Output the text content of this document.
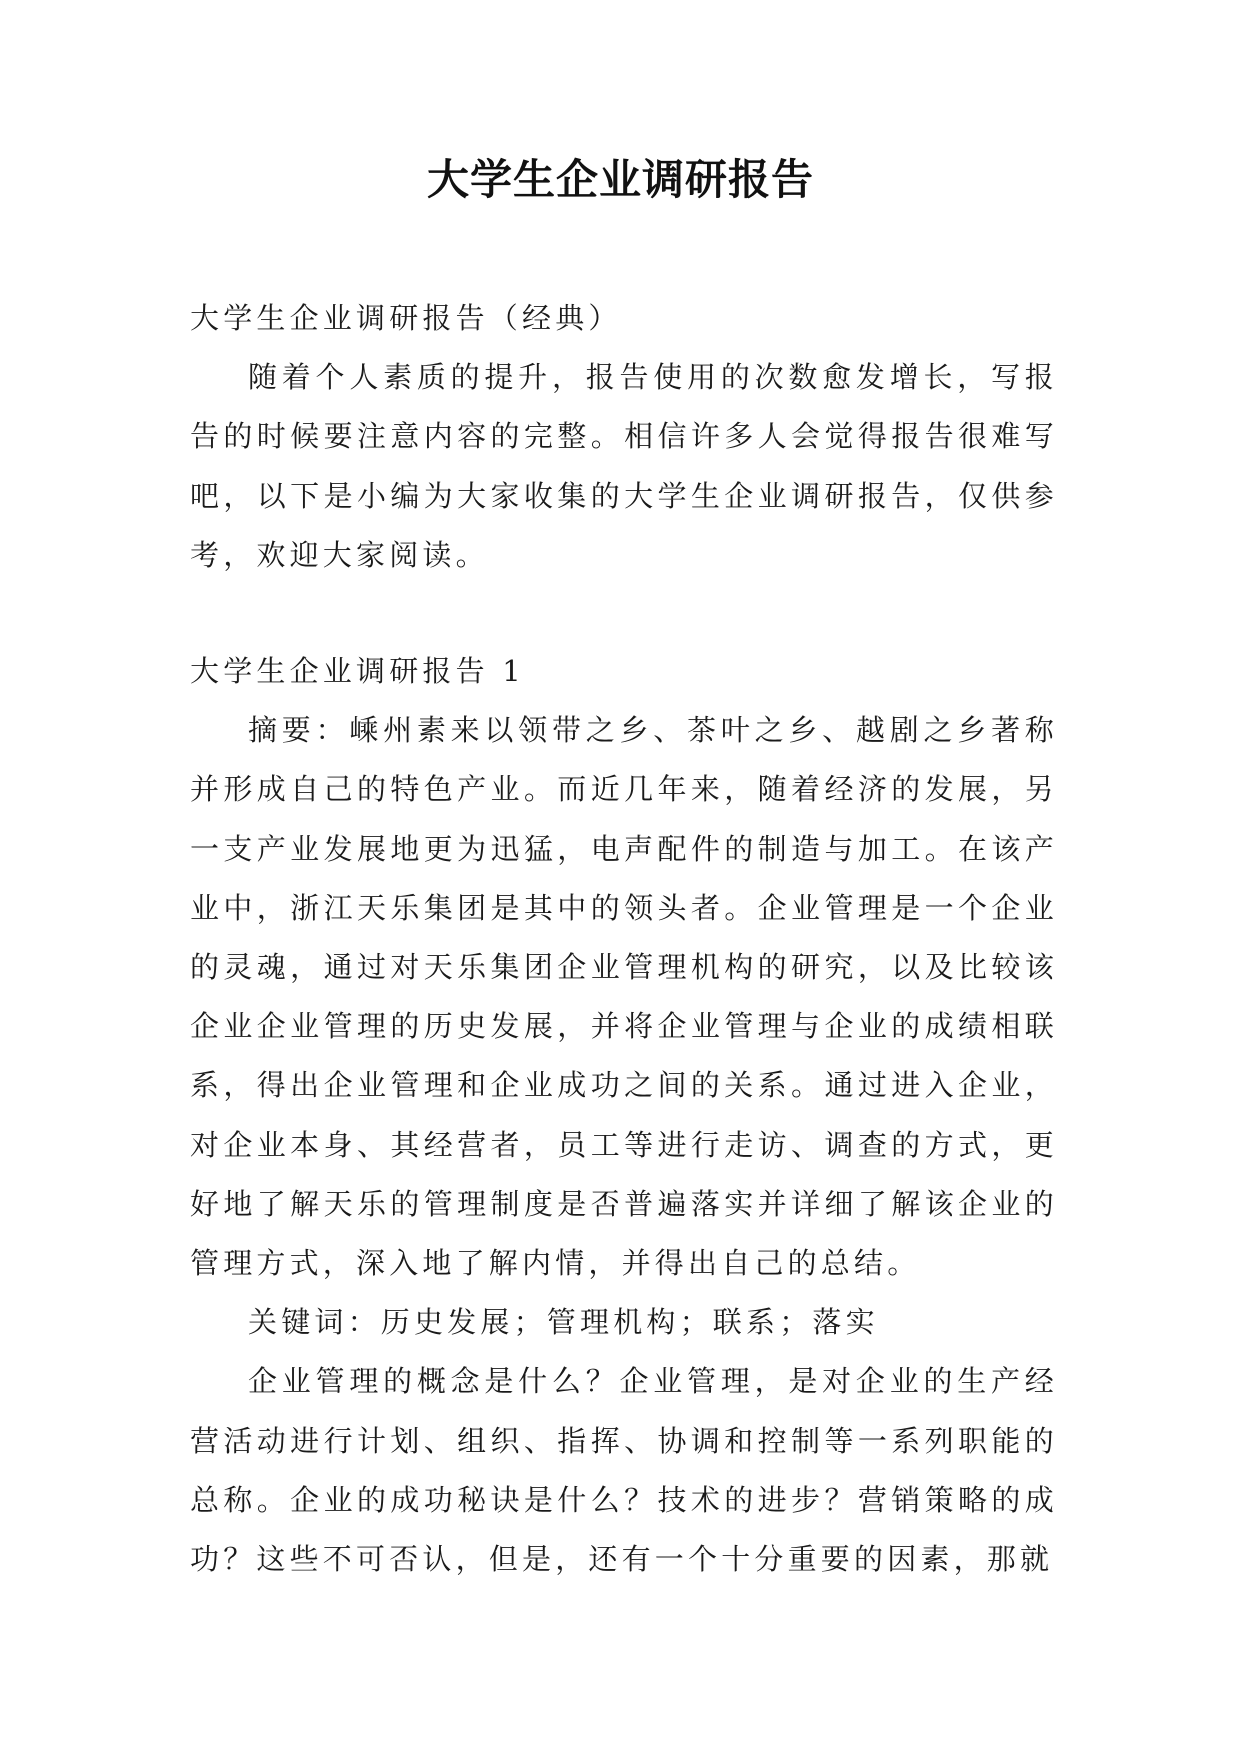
大学生企业调研报告

大学生企业调研报告（经典）

随着个人素质的提升，报告使用的次数愈发增长，写报告的时候要注意内容的完整。相信许多人会觉得报告很难写吧，以下是小编为大家收集的大学生企业调研报告，仅供参考，欢迎大家阅读。

大学生企业调研报告 1

摘要：嵊州素来以领带之乡、茶叶之乡、越剧之乡著称并形成自己的特色产业。而近几年来，随着经济的发展，另一支产业发展地更为迅猛，电声配件的制造与加工。在该产业中，浙江天乐集团是其中的领头者。企业管理是一个企业的灵魂，通过对天乐集团企业管理机构的研究，以及比较该企业企业管理的历史发展，并将企业管理与企业的成绩相联系，得出企业管理和企业成功之间的关系。通过进入企业，对企业本身、其经营者，员工等进行走访、调查的方式，更好地了解天乐的管理制度是否普遍落实并详细了解该企业的管理方式，深入地了解内情，并得出自己的总结。

关键词：历史发展；管理机构；联系；落实

企业管理的概念是什么？企业管理，是对企业的生产经营活动进行计划、组织、指挥、协调和控制等一系列职能的总称。企业的成功秘诀是什么？技术的进步？营销策略的成功？这些不可否认，但是，还有一个十分重要的因素，那就
